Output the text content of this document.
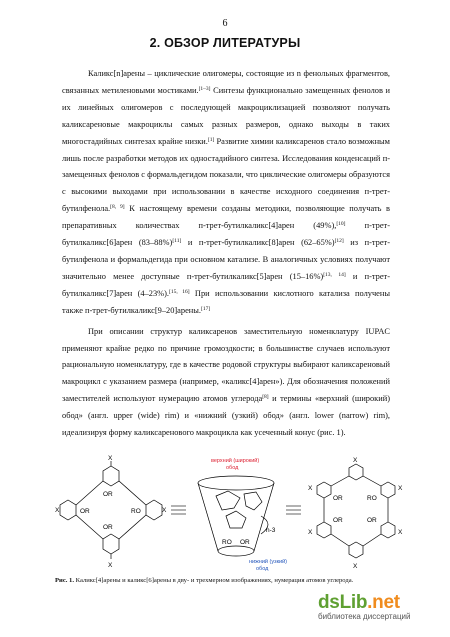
6
2. ОБЗОР ЛИТЕРАТУРЫ

Каликс[n]арены – циклические олигомеры, состоящие из n фенольных фрагментов, связанных метиленовыми мостиками.[1–3] Синтезы функционально замещенных фенолов и их линейных олигомеров с последующей макроциклизацией позволяют получать каликсареновые макроциклы самых разных размеров, однако выходы в таких многостадийных синтезах крайне низки.[1] Развитие химии каликсаренов стало возможным лишь после разработки методов их одностадийного синтеза. Исследования конденсаций п-замещенных фенолов с формальдегидом показали, что циклические олигомеры образуются с высокими выходами при использовании в качестве исходного соединения п-трет-бутилфенола.[8, 9] К настоящему времени созданы методики, позволяющие получать в препаративных количествах п-трет-бутилкаликс[4]арен (49%),[10] п-трет-бутилкаликс[6]арен (83–88%)[11] и п-трет-бутилкаликс[8]арен (62–65%)[12] из п-трет-бутилфенола и формальдегида при основном катализе. В аналогичных условиях получают значительно менее доступные п-трет-бутилкаликс[5]арен (15–16%)[13, 14] и п-трет-бутилкаликс[7]арен (4–23%).[15, 16] При использовании кислотного катализа получены также п-трет-бутилкаликс[9–20]арены.[17]

При описании структур каликсаренов заместительную номенклатуру IUPAC применяют крайне редко по причине громоздкости; в большинстве случаев используют рациональную номенклатуру, где в качестве родовой структуры выбирают каликсареновый макроцикл с указанием размера (например, «каликс[4]арен»). Для обозначения положений заместителей используют нумерацию атомов углерода[8] и термины «верхний (широкий) обод» (англ. upper (wide) rim) и «нижний (узкий) обод» (англ. lower (narrow) rim), идеализируя форму каликсаренового макроцикла как усеченный конус (рис. 1).

X
X
X	X
OR
OR	RO
OR
верхний (широкий)
обод
n-3
RO OR
нижний (узкий)
обод
X
X
X	X
X	X
OR	RO
OR	OR
Рис. 1. Каликс[4]арены и каликс[6]арены в дву- и трехмерном изображениях, нумерация атомов углерода.
dsLib.net
библиотека диссертаций
